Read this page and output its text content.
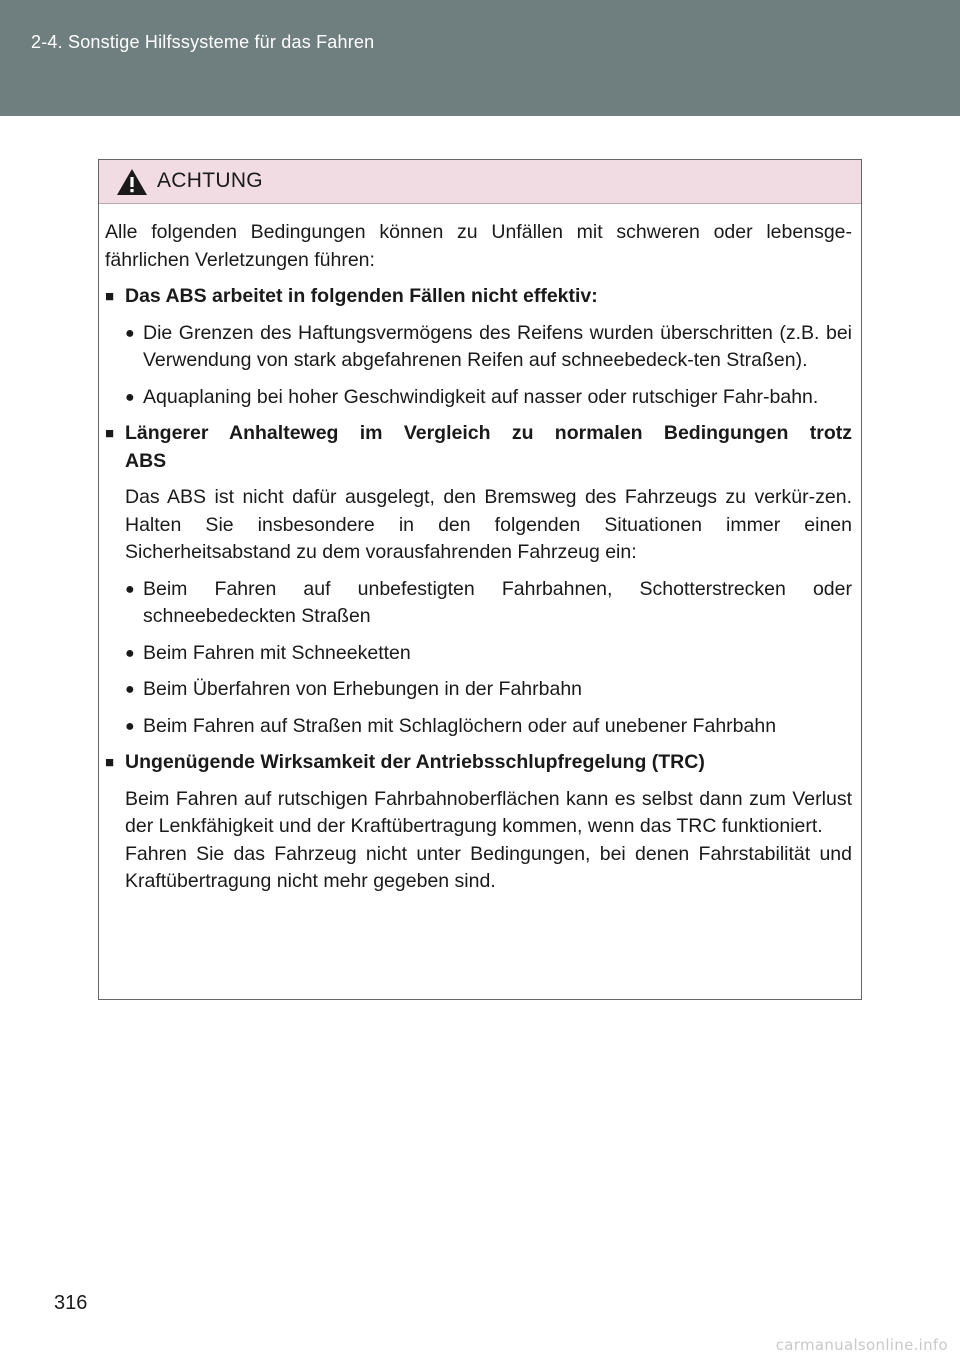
2-4. Sonstige Hilfssysteme für das Fahren
ACHTUNG

Alle folgenden Bedingungen können zu Unfällen mit schweren oder lebensge-fährlichen Verletzungen führen:

■ Das ABS arbeitet in folgenden Fällen nicht effektiv:
● Die Grenzen des Haftungsvermögens des Reifens wurden überschritten (z.B. bei Verwendung von stark abgefahrenen Reifen auf schneebedeck-ten Straßen).
● Aquaplaning bei hoher Geschwindigkeit auf nasser oder rutschiger Fahr-bahn.
■ Längerer Anhalteweg im Vergleich zu normalen Bedingungen trotz ABS

Das ABS ist nicht dafür ausgelegt, den Bremsweg des Fahrzeugs zu verkür-zen. Halten Sie insbesondere in den folgenden Situationen immer einen Sicherheitsabstand zu dem vorausfahrenden Fahrzeug ein:

● Beim Fahren auf unbefestigten Fahrbahnen, Schotterstrecken oder schneebedeckten Straßen
● Beim Fahren mit Schneeketten
● Beim Überfahren von Erhebungen in der Fahrbahn
● Beim Fahren auf Straßen mit Schlaglöchern oder auf unebener Fahrbahn
■ Ungenügende Wirksamkeit der Antriebsschlupfregelung (TRC)

Beim Fahren auf rutschigen Fahrbahnoberflächen kann es selbst dann zum Verlust der Lenkfähigkeit und der Kraftübertragung kommen, wenn das TRC funktioniert.

Fahren Sie das Fahrzeug nicht unter Bedingungen, bei denen Fahrstabilität und Kraftübertragung nicht mehr gegeben sind.

316
carmanualsonline.info
